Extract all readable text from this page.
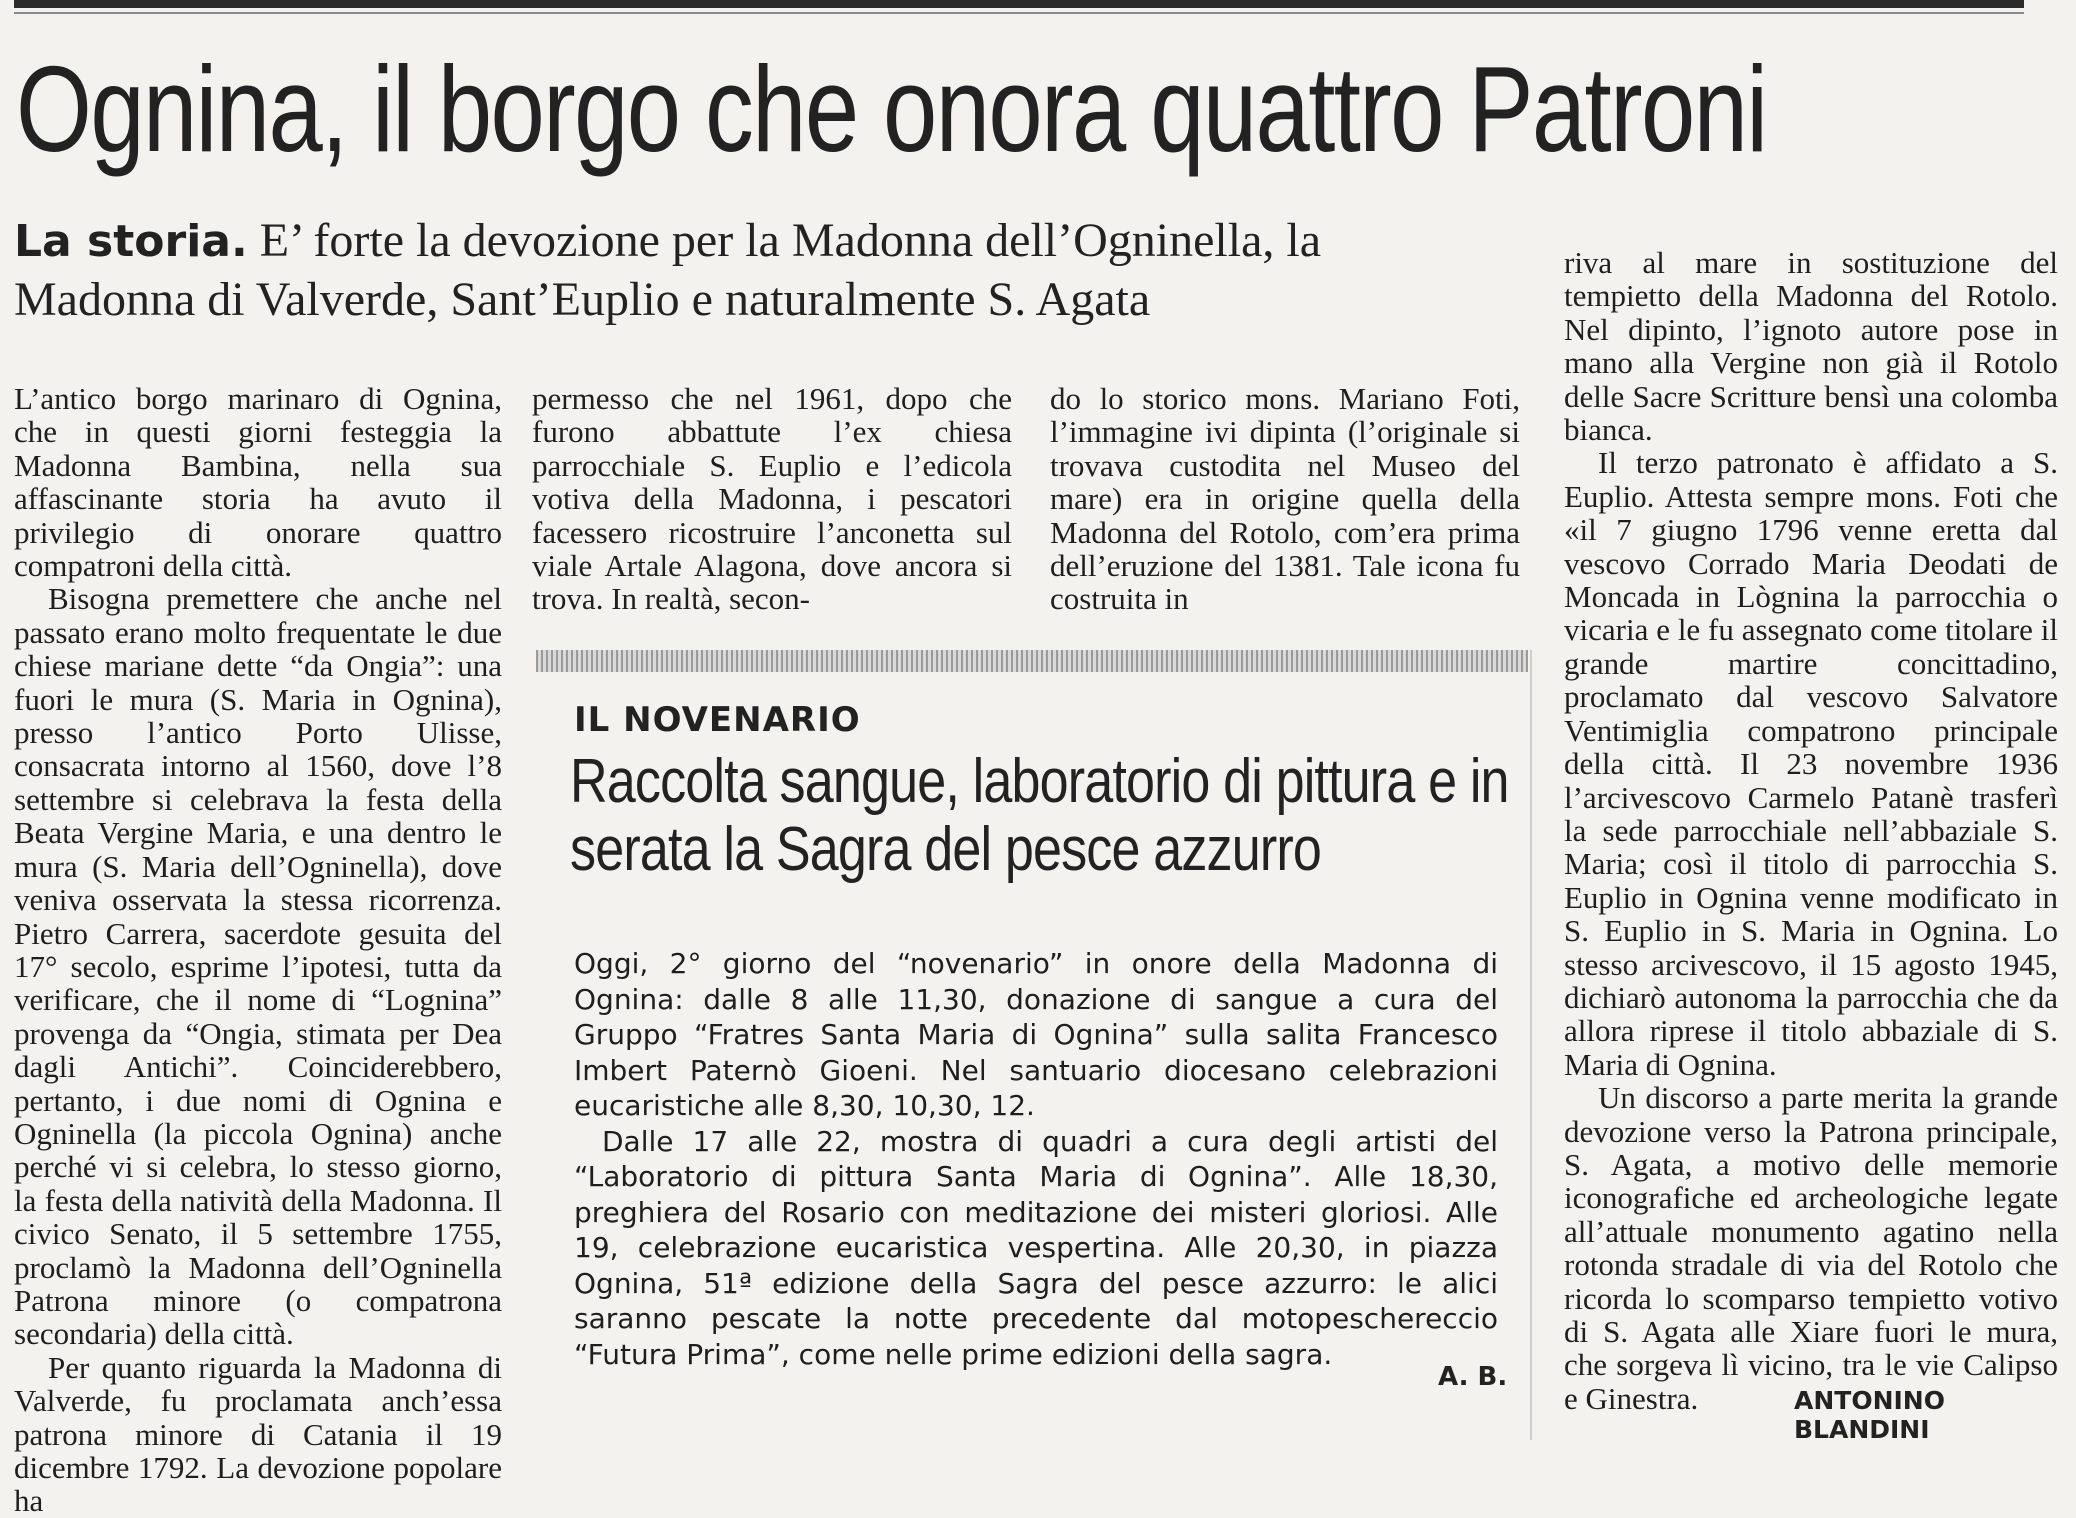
Ognina, il borgo che onora quattro Patroni
La storia. E’ forte la devozione per la Madonna dell’Ogninella, la Madonna di Valverde, Sant’Euplio e naturalmente S. Agata

L’antico borgo marinaro di Ognina, che in questi giorni festeggia la Madonna Bambina, nella sua affascinante storia ha avuto il privilegio di onorare quattro compatroni della città.

Bisogna premettere che anche nel passato erano molto frequentate le due chiese mariane dette “da Ongia”: una fuori le mura (S. Maria in Ognina), presso l’antico Porto Ulisse, consacrata intorno al 1560, dove l’8 settembre si celebrava la festa della Beata Vergine Maria, e una dentro le mura (S. Maria dell’Ogninella), dove veniva osservata la stessa ricorrenza. Pietro Carrera, sacerdote gesuita del 17° secolo, esprime l’ipotesi, tutta da verificare, che il nome di “Lognina” provenga da “Ongia, stimata per Dea dagli Antichi”. Coinciderebbero, pertanto, i due nomi di Ognina e Ogninella (la piccola Ognina) anche perché vi si celebra, lo stesso giorno, la festa della natività della Madonna. Il civico Senato, il 5 settembre 1755, proclamò la Madonna dell’Ogninella Patrona minore (o compatrona secondaria) della città.

Per quanto riguarda la Madonna di Valverde, fu proclamata anch’essa patrona minore di Catania il 19 dicembre 1792. La devozione popolare ha

permesso che nel 1961, dopo che furono abbattute l’ex chiesa parrocchiale S. Euplio e l’edicola votiva della Madonna, i pescatori facessero ricostruire l’anconetta sul viale Artale Alagona, dove ancora si trova. In realtà, secon-

do lo storico mons. Mariano Foti, l’immagine ivi dipinta (l’originale si trovava custodita nel Museo del mare) era in origine quella della Madonna del Rotolo, com’era prima dell’eruzione del 1381. Tale icona fu costruita in

riva al mare in sostituzione del tempietto della Madonna del Rotolo. Nel dipinto, l’ignoto autore pose in mano alla Vergine non già il Rotolo delle Sacre Scritture bensì una colomba bianca.

Il terzo patronato è affidato a S. Euplio. Attesta sempre mons. Foti che «il 7 giugno 1796 venne eretta dal vescovo Corrado Maria Deodati de Moncada in Lògnina la parrocchia o vicaria e le fu assegnato come titolare il grande martire concittadino, proclamato dal vescovo Salvatore Ventimiglia compatrono principale della città. Il 23 novembre 1936 l’arcivescovo Carmelo Patanè trasferì la sede parrocchiale nell’abbaziale S. Maria; così il titolo di parrocchia S. Euplio in Ognina venne modificato in S. Euplio in S. Maria in Ognina. Lo stesso arcivescovo, il 15 agosto 1945, dichiarò autonoma la parrocchia che da allora riprese il titolo abbaziale di S. Maria di Ognina.

Un discorso a parte merita la grande devozione verso la Patrona principale, S. Agata, a motivo delle memorie iconografiche ed archeologiche legate all’attuale monumento agatino nella rotonda stradale di via del Rotolo che ricorda lo scomparso tempietto votivo di S. Agata alle Xiare fuori le mura, che sorgeva lì vicino, tra le vie Calipso e Ginestra.

IL NOVENARIO
Raccolta sangue, laboratorio di pittura e in serata la Sagra del pesce azzurro

Oggi, 2° giorno del “novenario” in onore della Madonna di Ognina: dalle 8 alle 11,30, donazione di sangue a cura del Gruppo “Fratres Santa Maria di Ognina” sulla salita Francesco Imbert Paternò Gioeni. Nel santuario diocesano celebrazioni eucaristiche alle 8,30, 10,30, 12.

Dalle 17 alle 22, mostra di quadri a cura degli artisti del “Laboratorio di pittura Santa Maria di Ognina”. Alle 18,30, preghiera del Rosario con meditazione dei misteri gloriosi. Alle 19, celebrazione eucaristica vespertina. Alle 20,30, in piazza Ognina, 51ª edizione della Sagra del pesce azzurro: le alici saranno pescate la notte precedente dal motopeschereccio “Futura Prima”, come nelle prime edizioni della sagra.

A. B.
ANTONINO BLANDINI
